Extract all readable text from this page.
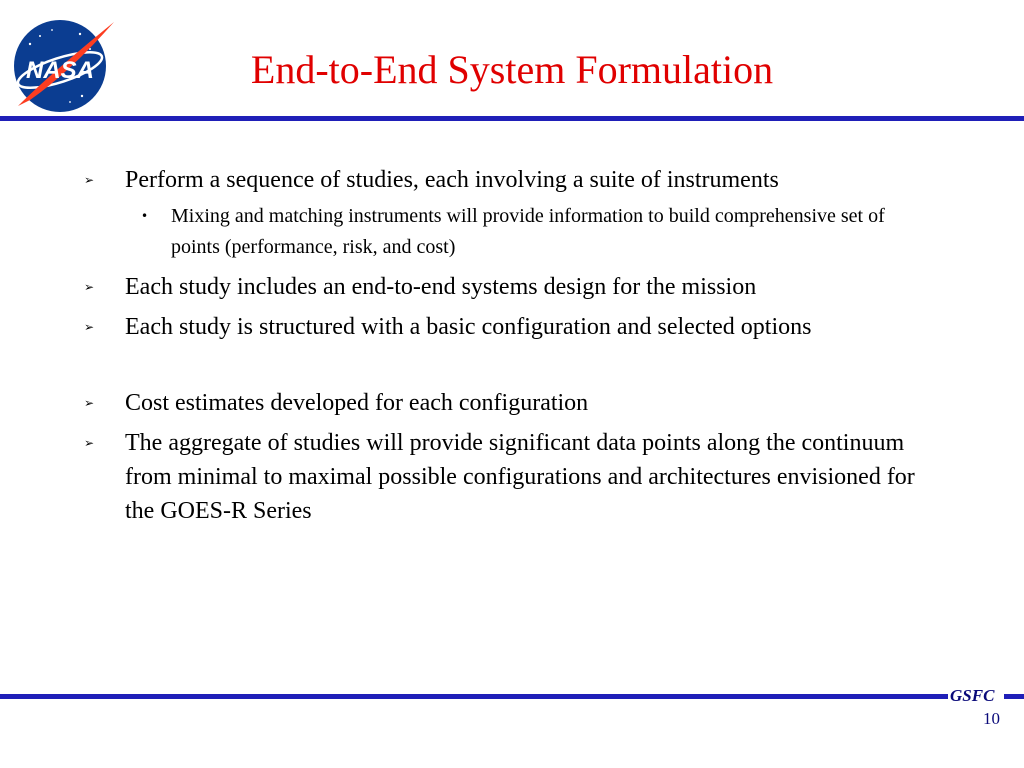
NASA	End-to-End System Formulation
➢ Perform a sequence of studies, each involving a suite of instruments
• Mixing and matching instruments will provide information to build comprehensive set of points (performance, risk, and cost)
➢ Each study includes an end-to-end systems design for the mission
➢ Each study is structured with a basic configuration and selected options
➢ Cost estimates developed for each configuration
➢ The aggregate of studies will provide significant data points along the continuum from minimal to maximal possible configurations and architectures envisioned for the GOES-R Series
GSFC
10
